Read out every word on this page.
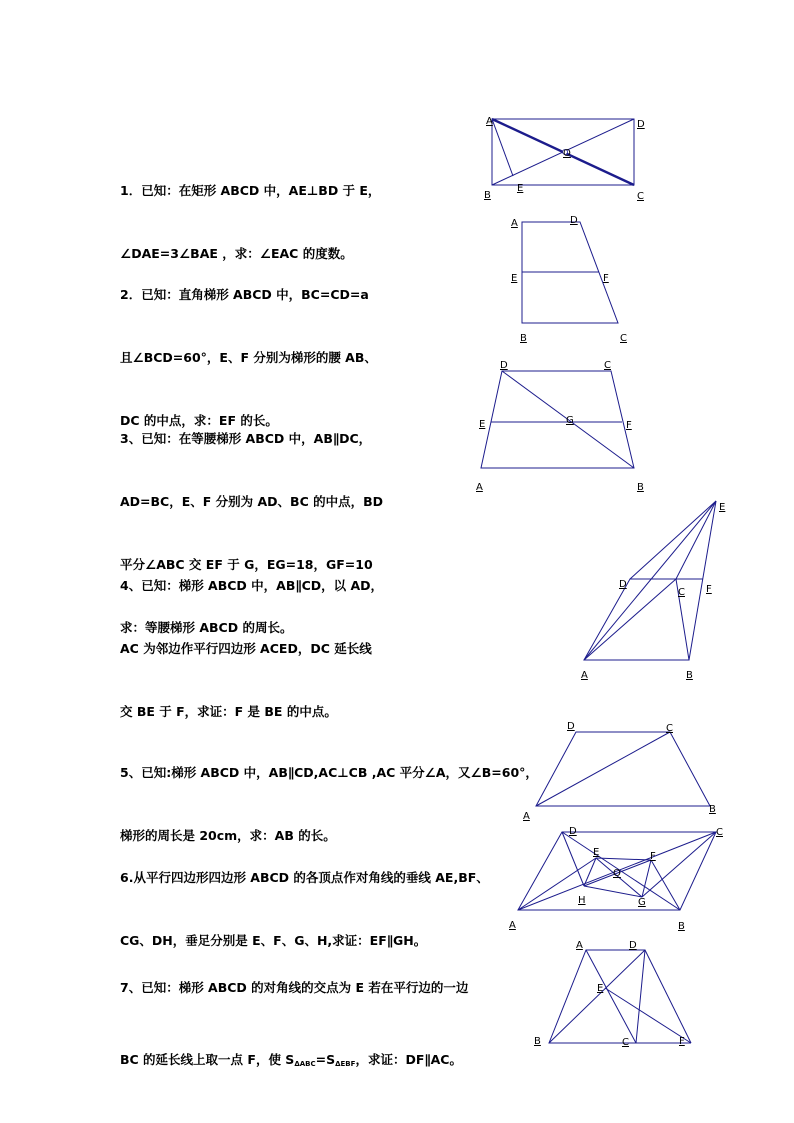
1．已知：在矩形 ABCD 中，AE⊥BD 于 E，

∠DAE=3∠BAE ，求：∠EAC 的度数。

2．已知：直角梯形 ABCD 中，BC=CD=a

且∠BCD=60°，E、F 分别为梯形的腰 AB、

DC 的中点，求：EF 的长。

3、已知：在等腰梯形 ABCD 中，AB∥DC，

AD=BC，E、F 分别为 AD、BC 的中点，BD

平分∠ABC 交 EF 于 G，EG=18，GF=10

求：等腰梯形 ABCD 的周长。

4、已知：梯形 ABCD 中，AB∥CD，以 AD，

AC 为邻边作平行四边形 ACED，DC 延长线

交 BE 于 F，求证：F 是 BE 的中点。

5、已知:梯形 ABCD 中，AB∥CD,AC⊥CB ,AC 平分∠A，又∠B=60°，

梯形的周长是 20cm，求：AB 的长。

6.从平行四边形四边形 ABCD 的各顶点作对角线的垂线 AE,BF、

CG、DH，垂足分别是 E、F、G、H,求证：EF∥GH。

7、已知：梯形 ABCD 的对角线的交点为 E 若在平行边的一边

BC 的延长线上取一点 F，使 $S_{\Delta ABC}=S_{\Delta EBF}$，求证：DF∥AC。

A	D
O
B
E
C
A	D
E	F
B	C
D	C
E	G	F
A	B
E
D
C F
A	B
D	C
A
B
D	C
E	F
O
H	G
A	B
A	D
E
B	C	F
